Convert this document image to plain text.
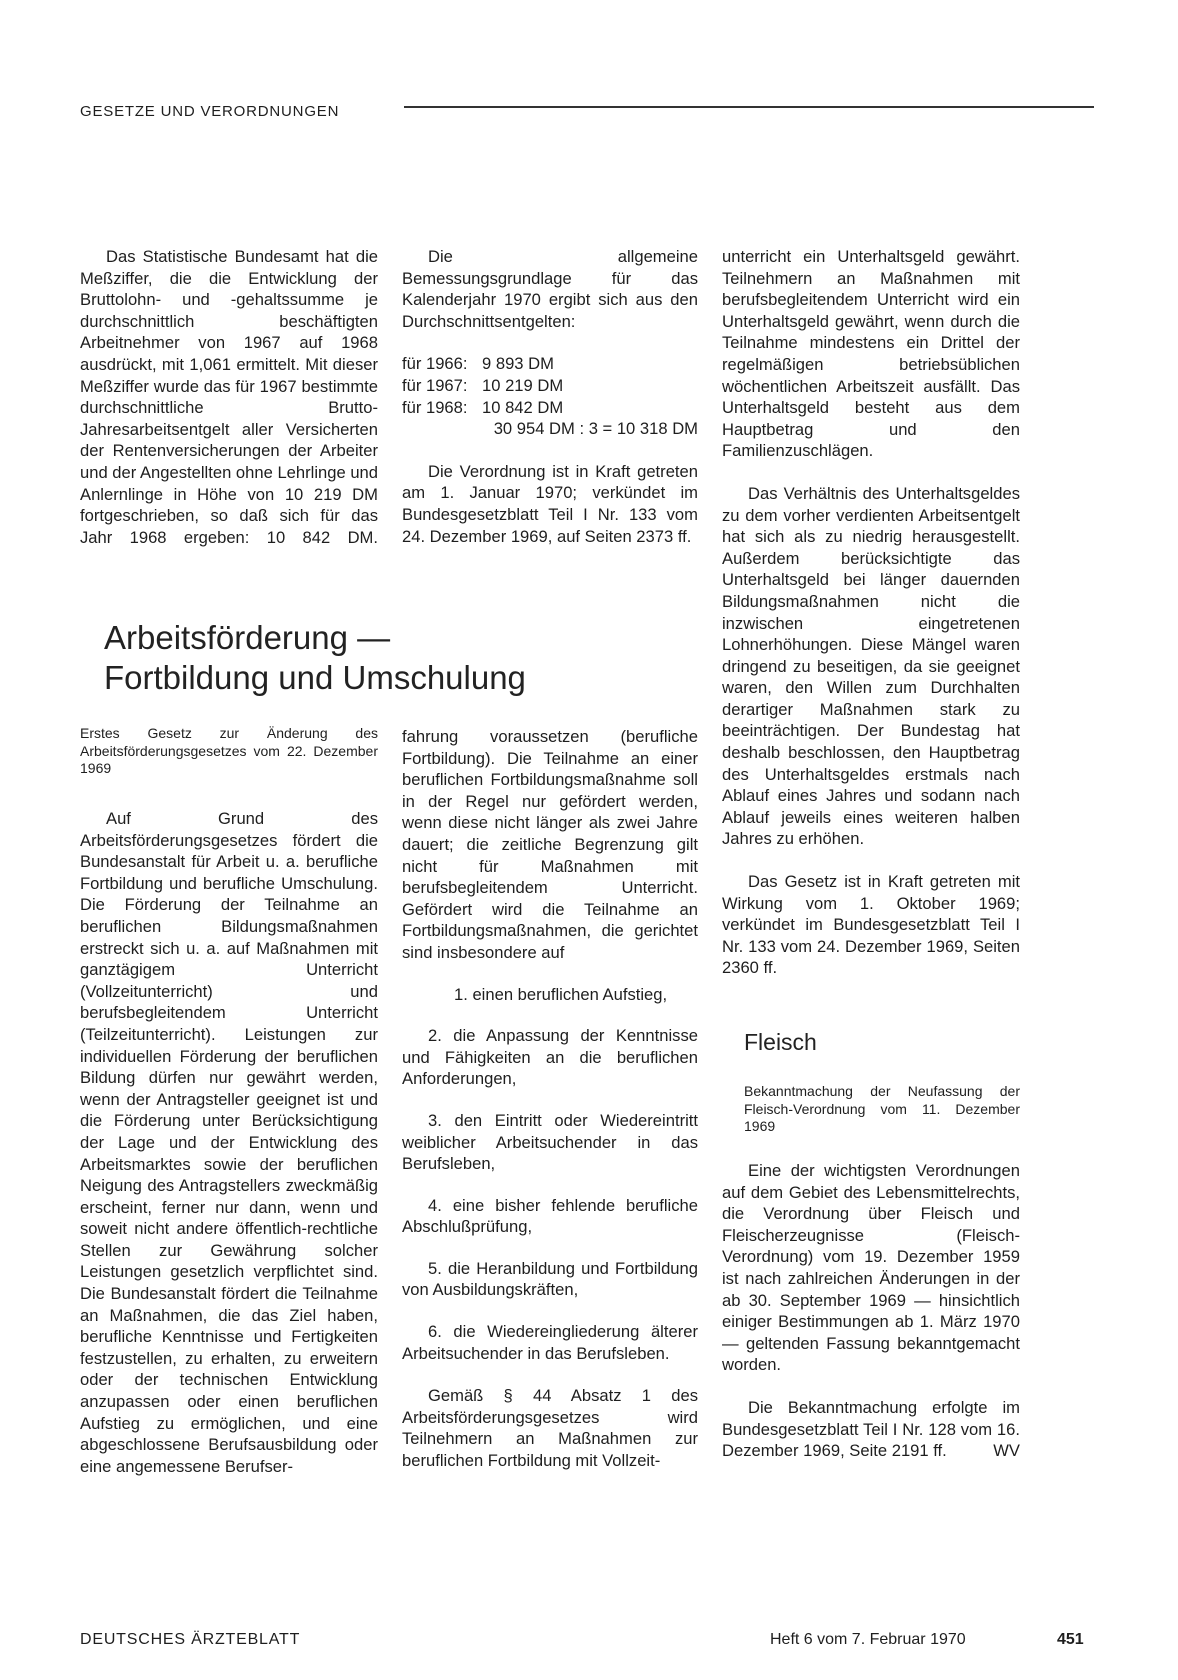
GESETZE UND VERORDNUNGEN

Das Statistische Bundesamt hat die Meßziffer, die die Entwicklung der Bruttolohn- und -gehaltssumme je durchschnittlich beschäftigten Arbeitnehmer von 1967 auf 1968 ausdrückt, mit 1,061 ermittelt. Mit dieser Meßziffer wurde das für 1967 bestimmte durchschnittliche Brutto-Jahresarbeitsentgelt aller Versicherten der Rentenversicherungen der Arbeiter und der Angestellten ohne Lehrlinge und Anlernlinge in Höhe von 10 219 DM fortgeschrieben, so daß sich für das Jahr 1968 ergeben: 10 842 DM.

Die allgemeine Bemessungsgrundlage für das Kalenderjahr 1970 ergibt sich aus den Durchschnittsentgelten:

für 1966: 9 893 DM
für 1967: 10 219 DM
für 1968: 10 842 DM
30 954 DM : 3 = 10 318 DM

Die Verordnung ist in Kraft getreten am 1. Januar 1970; verkündet im Bundesgesetzblatt Teil I Nr. 133 vom 24. Dezember 1969, auf Seiten 2373 ff.

Arbeitsförderung —
Fortbildung und Umschulung

Erstes Gesetz zur Änderung des Arbeitsförderungsgesetzes vom 22. Dezember 1969

Auf Grund des Arbeitsförderungsgesetzes fördert die Bundesanstalt für Arbeit u. a. berufliche Fortbildung und berufliche Umschulung. Die Förderung der Teilnahme an beruflichen Bildungsmaßnahmen erstreckt sich u. a. auf Maßnahmen mit ganztägigem Unterricht (Vollzeitunterricht) und berufsbegleitendem Unterricht (Teilzeitunterricht). Leistungen zur individuellen Förderung der beruflichen Bildung dürfen nur gewährt werden, wenn der Antragsteller geeignet ist und die Förderung unter Berücksichtigung der Lage und der Entwicklung des Arbeitsmarktes sowie der beruflichen Neigung des Antragstellers zweckmäßig erscheint, ferner nur dann, wenn und soweit nicht andere öffentlich-rechtliche Stellen zur Gewährung solcher Leistungen gesetzlich verpflichtet sind. Die Bundesanstalt fördert die Teilnahme an Maßnahmen, die das Ziel haben, berufliche Kenntnisse und Fertigkeiten festzustellen, zu erhalten, zu erweitern oder der technischen Entwicklung anzupassen oder einen beruflichen Aufstieg zu ermöglichen, und eine abgeschlossene Berufsausbildung oder eine angemessene Berufser-

fahrung voraussetzen (berufliche Fortbildung). Die Teilnahme an einer beruflichen Fortbildungsmaßnahme soll in der Regel nur gefördert werden, wenn diese nicht länger als zwei Jahre dauert; die zeitliche Begrenzung gilt nicht für Maßnahmen mit berufsbegleitendem Unterricht. Gefördert wird die Teilnahme an Fortbildungsmaßnahmen, die gerichtet sind insbesondere auf

1. einen beruflichen Aufstieg,

2. die Anpassung der Kenntnisse und Fähigkeiten an die beruflichen Anforderungen,

3. den Eintritt oder Wiedereintritt weiblicher Arbeitsuchender in das Berufsleben,

4. eine bisher fehlende berufliche Abschlußprüfung,

5. die Heranbildung und Fortbildung von Ausbildungskräften,

6. die Wiedereingliederung älterer Arbeitsuchender in das Berufsleben.

Gemäß § 44 Absatz 1 des Arbeitsförderungsgesetzes wird Teilnehmern an Maßnahmen zur beruflichen Fortbildung mit Vollzeit-

unterricht ein Unterhaltsgeld gewährt. Teilnehmern an Maßnahmen mit berufsbegleitendem Unterricht wird ein Unterhaltsgeld gewährt, wenn durch die Teilnahme mindestens ein Drittel der regelmäßigen betriebsüblichen wöchentlichen Arbeitszeit ausfällt. Das Unterhaltsgeld besteht aus dem Hauptbetrag und den Familienzuschlägen.

Das Verhältnis des Unterhaltsgeldes zu dem vorher verdienten Arbeitsentgelt hat sich als zu niedrig herausgestellt. Außerdem berücksichtigte das Unterhaltsgeld bei länger dauernden Bildungsmaßnahmen nicht die inzwischen eingetretenen Lohnerhöhungen. Diese Mängel waren dringend zu beseitigen, da sie geeignet waren, den Willen zum Durchhalten derartiger Maßnahmen stark zu beeinträchtigen. Der Bundestag hat deshalb beschlossen, den Hauptbetrag des Unterhaltsgeldes erstmals nach Ablauf eines Jahres und sodann nach Ablauf jeweils eines weiteren halben Jahres zu erhöhen.

Das Gesetz ist in Kraft getreten mit Wirkung vom 1. Oktober 1969; verkündet im Bundesgesetzblatt Teil I Nr. 133 vom 24. Dezember 1969, Seiten 2360 ff.

Fleisch

Bekanntmachung der Neufassung der Fleisch-Verordnung vom 11. Dezember 1969

Eine der wichtigsten Verordnungen auf dem Gebiet des Lebensmittelrechts, die Verordnung über Fleisch und Fleischerzeugnisse (Fleisch-Verordnung) vom 19. Dezember 1959 ist nach zahlreichen Änderungen in der ab 30. September 1969 — hinsichtlich einiger Bestimmungen ab 1. März 1970 — geltenden Fassung bekanntgemacht worden.

Die Bekanntmachung erfolgte im Bundesgesetzblatt Teil I Nr. 128 vom 16. Dezember 1969, Seite 2191 ff.	WV
DEUTSCHES ÄRZTEBLATT	Heft 6 vom 7. Februar 1970	451
